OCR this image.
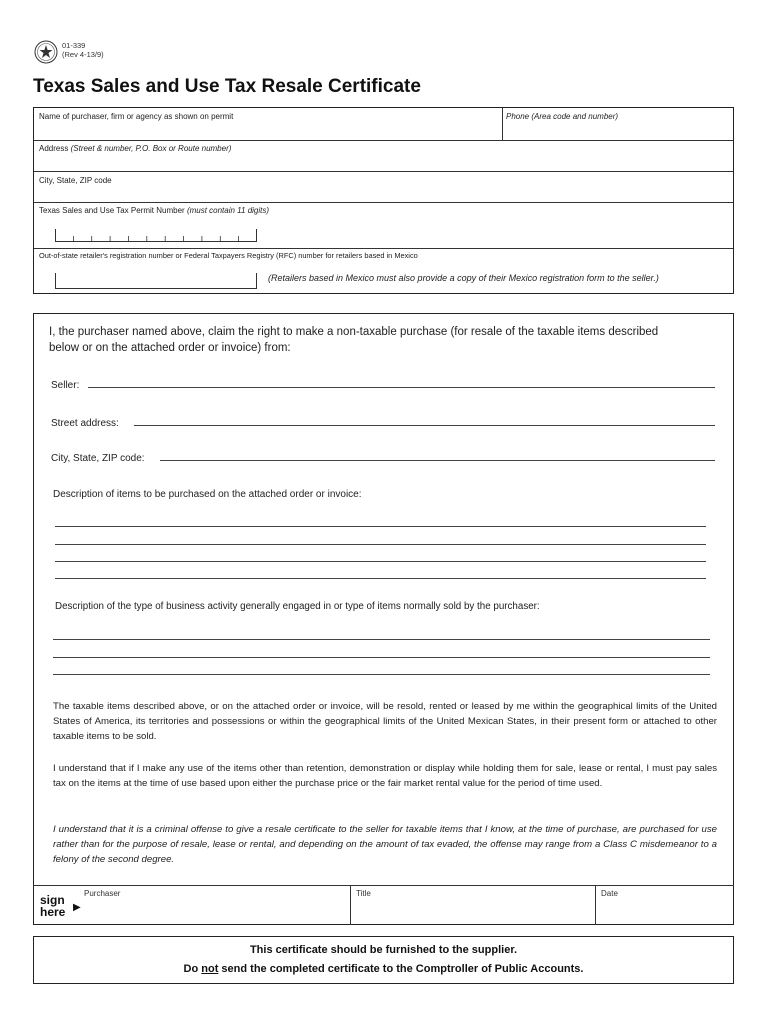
01-339
(Rev 4-13/9)
Texas Sales and Use Tax Resale Certificate
Name of purchaser, firm or agency as shown on permit	Phone (Area code and number)
Address (Street & number, P.O. Box or Route number)
City, State, ZIP code
Texas Sales and Use Tax Permit Number (must contain 11 digits)
Out-of-state retailer's registration number or Federal Taxpayers Registry (RFC) number for retailers based in Mexico
(Retailers based in Mexico must also provide a copy of their Mexico registration form to the seller.)
I, the purchaser named above, claim the right to make a non-taxable purchase (for resale of the taxable items described below or on the attached order or invoice) from:
Seller:
Street address:
City, State, ZIP code:
Description of items to be purchased on the attached order or invoice:
Description of the type of business activity generally engaged in or type of items normally sold by the purchaser:
The taxable items described above, or on the attached order or invoice, will be resold, rented or leased by me within the geographical limits of the United States of America, its territories and possessions or within the geographical limits of the United Mexican States, in their present form or attached to other taxable items to be sold.
I understand that if I make any use of the items other than retention, demonstration or display while holding them for sale, lease or rental, I must pay sales tax on the items at the time of use based upon either the purchase price or the fair market rental value for the period of time used.
I understand that it is a criminal offense to give a resale certificate to the seller for taxable items that I know, at the time of purchase, are purchased for use rather than for the purpose of resale, lease or rental, and depending on the amount of tax evaded, the offense may range from a Class C misdemeanor to a felony of the second degree.
sign
here ▶
Purchaser	Title	Date
This certificate should be furnished to the supplier.
Do not send the completed certificate to the Comptroller of Public Accounts.
